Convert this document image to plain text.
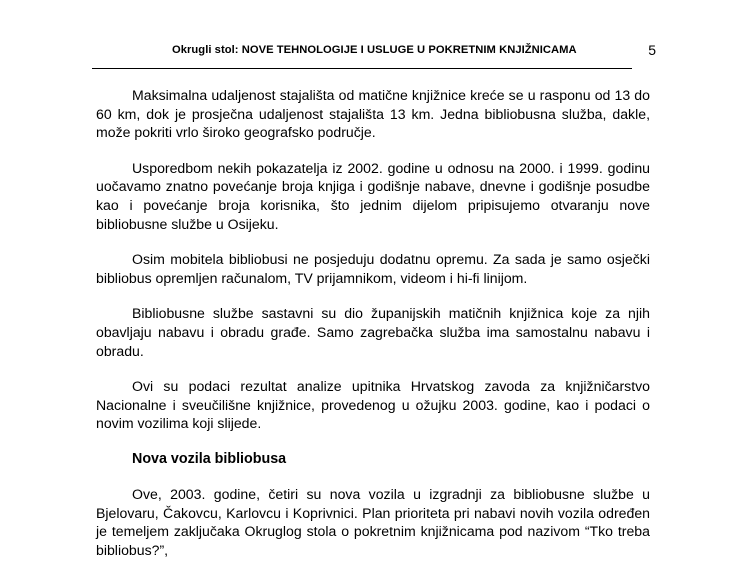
Okrugli stol: NOVE TEHNOLOGIJE I USLUGE U POKRETNIM KNJIŽNICAMA	5

Maksimalna udaljenost stajališta od matične knjižnice kreće se u rasponu od 13 do 60 km, dok je prosječna udaljenost stajališta 13 km. Jedna bibliobusna služba, dakle, može pokriti vrlo široko geografsko područje.

Usporedbom nekih pokazatelja iz 2002. godine u odnosu na 2000. i 1999. godinu uočavamo znatno povećanje broja knjiga i godišnje nabave, dnevne i godišnje posudbe kao i povećanje broja korisnika, što jednim dijelom pripisujemo otvaranju nove bibliobusne službe u Osijeku.

Osim mobitela bibliobusi ne posjeduju dodatnu opremu. Za sada je samo osječki bibliobus opremljen računalom, TV prijamnikom, videom i hi-fi linijom.

Bibliobusne službe sastavni su dio županijskih matičnih knjižnica koje za njih obavljaju nabavu i obradu građe. Samo zagrebačka služba ima samostalnu nabavu i obradu.

Ovi su podaci rezultat analize upitnika Hrvatskog zavoda za knjižničarstvo Nacionalne i sveučilišne knjižnice, provedenog u ožujku 2003. godine, kao i podaci o novim vozilima koji slijede.

Nova vozila bibliobusa

Ove, 2003. godine, četiri su nova vozila u izgradnji za bibliobusne službe u Bjelovaru, Čakovcu, Karlovcu i Koprivnici. Plan prioriteta pri nabavi novih vozila određen je temeljem zaključaka Okruglog stola o pokretnim knjižnicama pod nazivom “Tko treba bibliobus?”,
